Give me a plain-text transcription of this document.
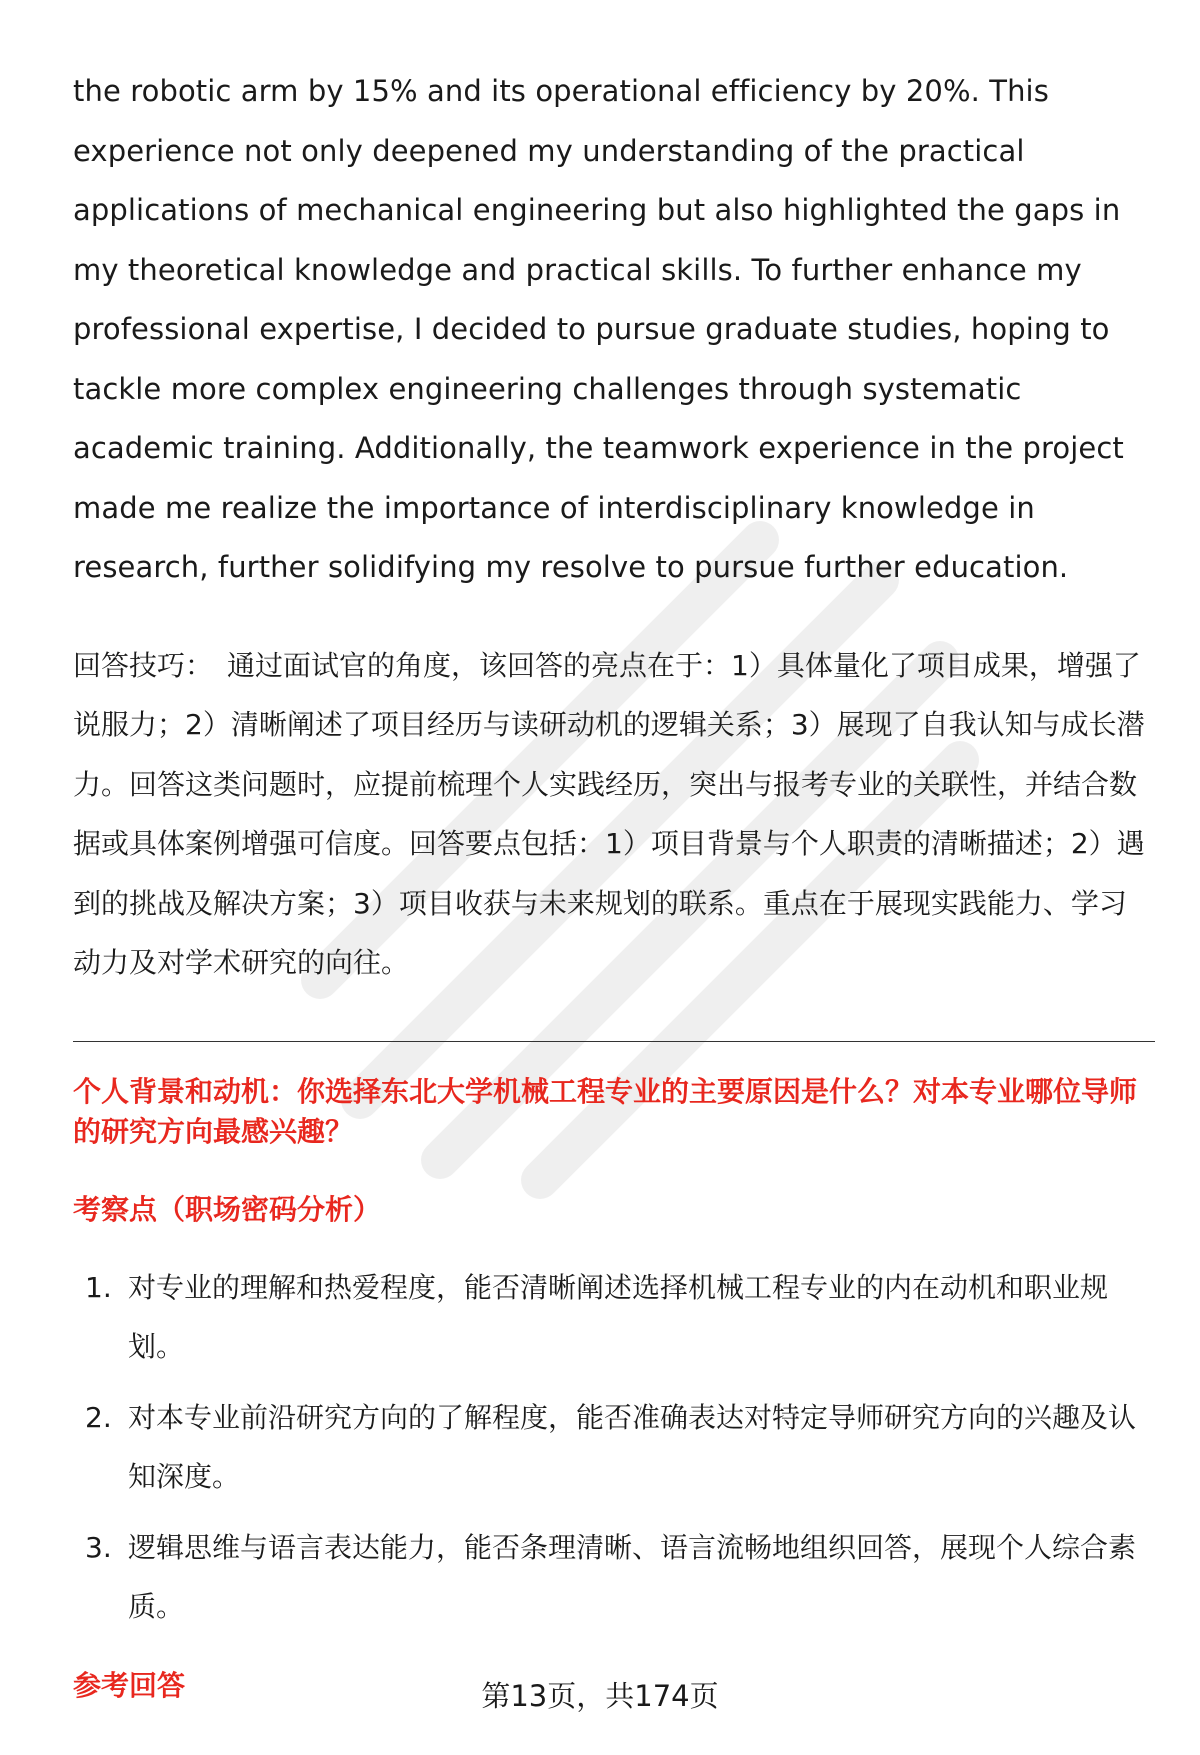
the robotic arm by 15% and its operational efficiency by 20%. This experience not only deepened my understanding of the practical applications of mechanical engineering but also highlighted the gaps in my theoretical knowledge and practical skills. To further enhance my professional expertise, I decided to pursue graduate studies, hoping to tackle more complex engineering challenges through systematic academic training. Additionally, the teamwork experience in the project made me realize the importance of interdisciplinary knowledge in research, further solidifying my resolve to pursue further education.

回答技巧： 通过面试官的角度，该回答的亮点在于：1）具体量化了项目成果，增强了说服力；2）清晰阐述了项目经历与读研动机的逻辑关系；3）展现了自我认知与成长潜力。回答这类问题时，应提前梳理个人实践经历，突出与报考专业的关联性，并结合数据或具体案例增强可信度。回答要点包括：1）项目背景与个人职责的清晰描述；2）遇到的挑战及解决方案；3）项目收获与未来规划的联系。重点在于展现实践能力、学习动力及对学术研究的向往。

个人背景和动机：你选择东北大学机械工程专业的主要原因是什么？对本专业哪位导师的研究方向最感兴趣？

考察点（职场密码分析）

1. 对专业的理解和热爱程度，能否清晰阐述选择机械工程专业的内在动机和职业规划。
2. 对本专业前沿研究方向的了解程度，能否准确表达对特定导师研究方向的兴趣及认知深度。
3. 逻辑思维与语言表达能力，能否条理清晰、语言流畅地组织回答，展现个人综合素质。

参考回答	第13页，共174页
